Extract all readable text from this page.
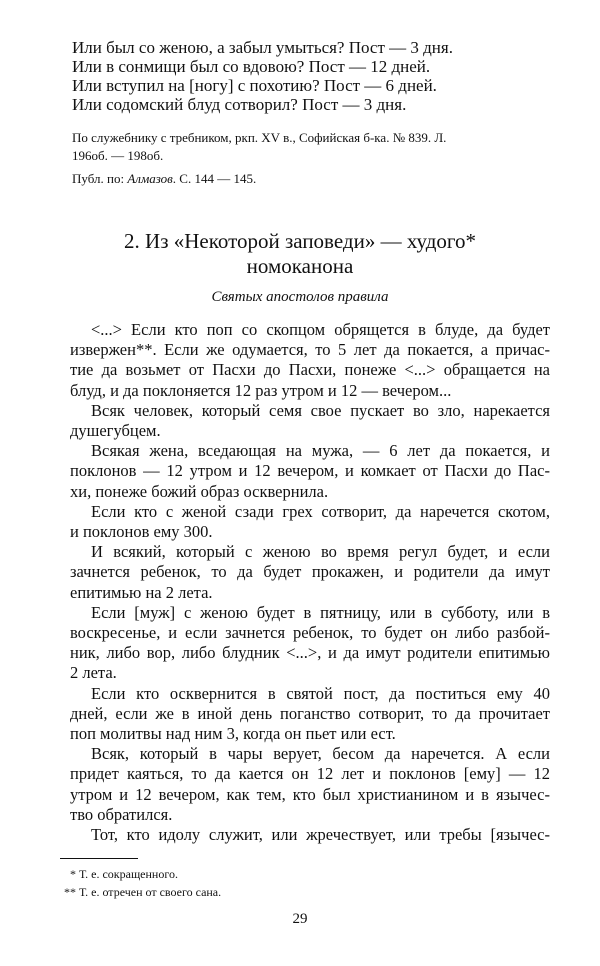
Или был со женою, а забыл умыться? Пост — 3 дня.
Или в сонмищи был со вдовою? Пост — 12 дней.
Или вступил на [ногу] с похотию? Пост — 6 дней.
Или содомский блуд сотворил? Пост — 3 дня.
По служебнику с требником, ркп. XV в., Софийская б-ка. № 839. Л.
196об. — 198об.
Публ. по: Алмазов. С. 144 — 145.
2. Из «Некоторой заповеди» — худого*
номоканона
Святых апостолов правила
<...> Если кто поп со скопцом обрящется в блуде, да будет
извержен**. Если же одумается, то 5 лет да покается, а причас-
тие да возьмет от Пасхи до Пасхи, понеже <...> обращается на
блуд, и да поклоняется 12 раз утром и 12 — вечером...
Всяк человек, который семя свое пускает во зло, нарекается
душегубцем.
Всякая жена, вседающая на мужа, — 6 лет да покается, и
поклонов — 12 утром и 12 вечером, и комкает от Пасхи до Пас-
хи, понеже божий образ осквернила.
Если кто с женой сзади грех сотворит, да наречется скотом,
и поклонов ему 300.
И всякий, который с женою во время регул будет, и если
зачнется ребенок, то да будет прокажен, и родители да имут
епитимью на 2 лета.
Если [муж] с женою будет в пятницу, или в субботу, или в
воскресенье, и если зачнется ребенок, то будет он либо разбой-
ник, либо вор, либо блудник <...>, и да имут родители епитимью
2 лета.
Если кто осквернится в святой пост, да поститься ему 40
дней, если же в иной день поганство сотворит, то да прочитает
поп молитвы над ним 3, когда он пьет или ест.
Всяк, который в чары верует, бесом да наречется. А если
придет каяться, то да кается он 12 лет и поклонов [ему] — 12
утром и 12 вечером, как тем, кто был христианином и в язычес-
тво обратился.
Тот, кто идолу служит, или жречествует, или требы [язычес-
* Т. е. сокращенного.
** Т. е. отречен от своего сана.
29
